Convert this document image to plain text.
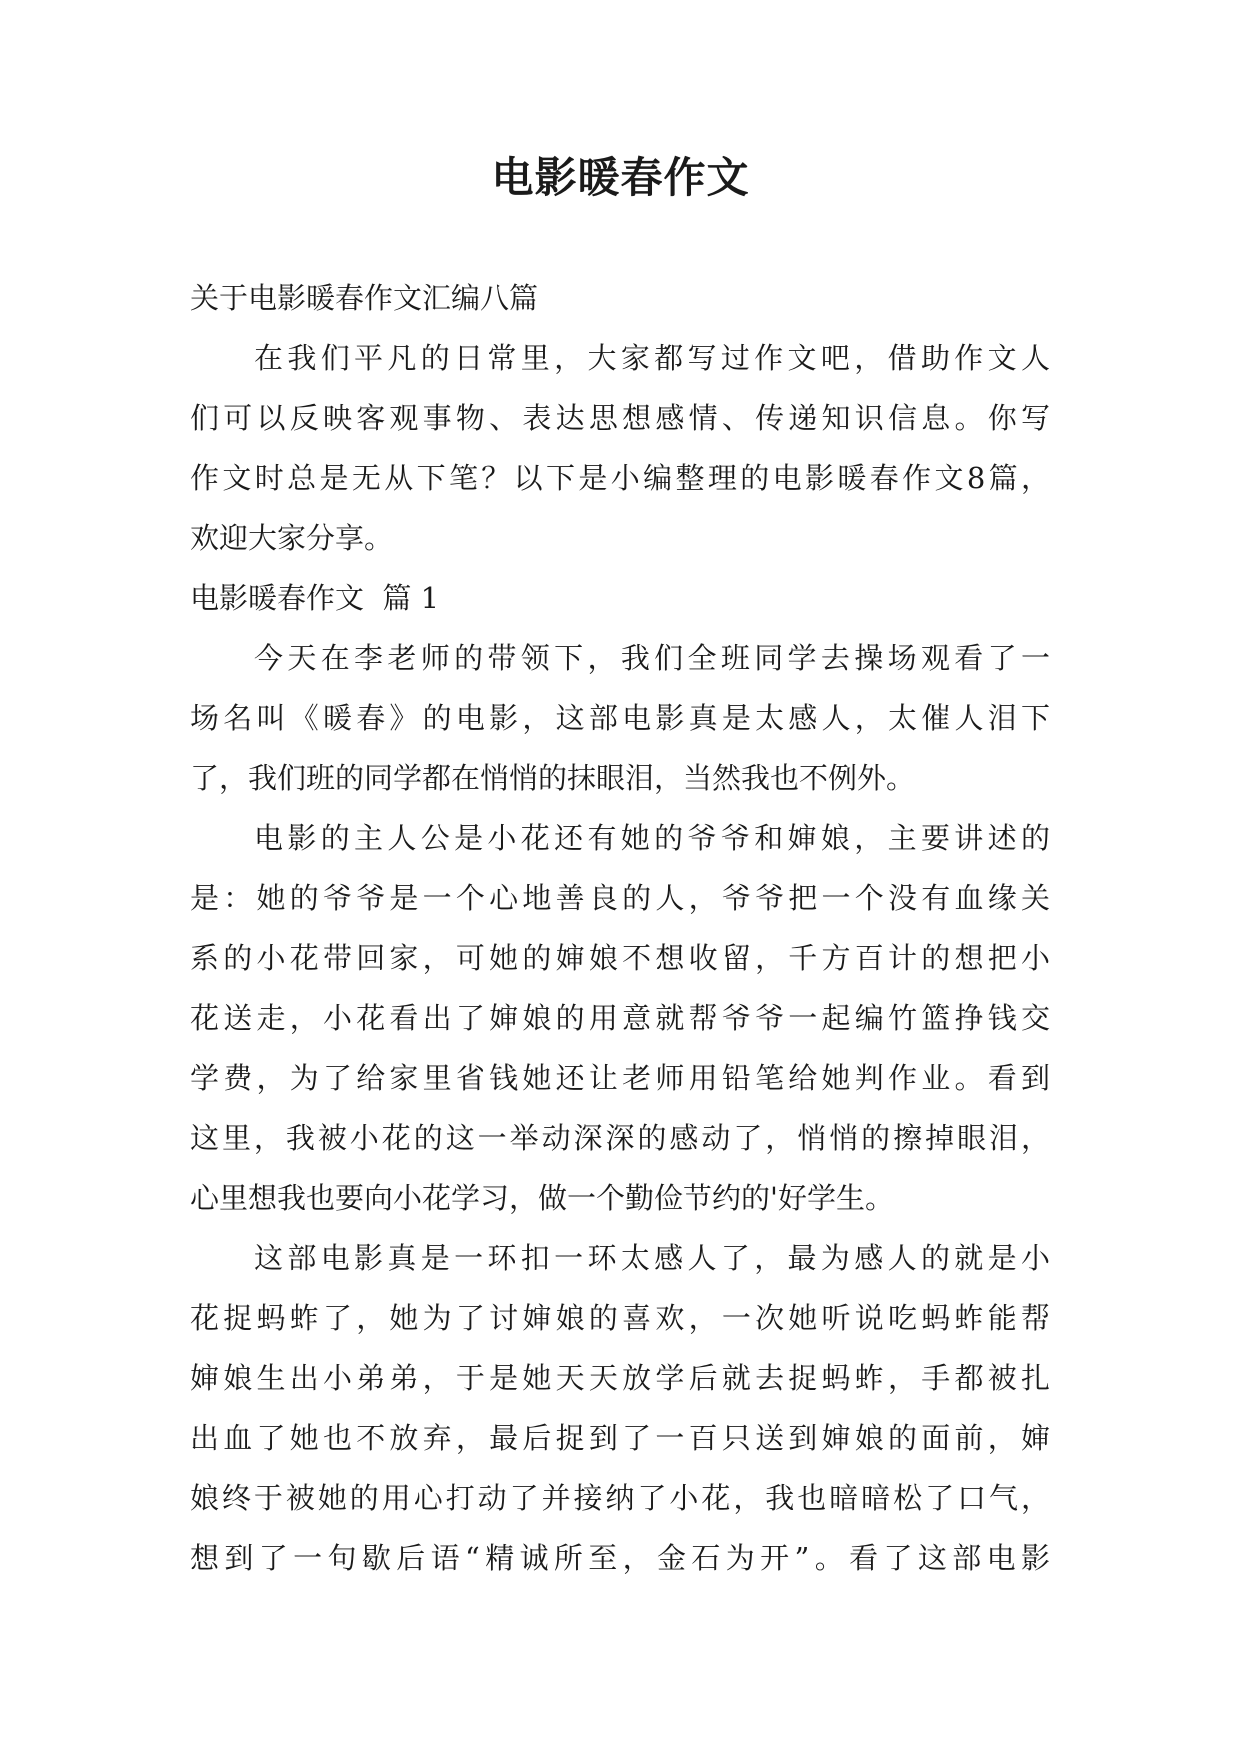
电影暖春作文
关于电影暖春作文汇编八篇
在我们平凡的日常里，大家都写过作文吧，借助作文人
们可以反映客观事物、表达思想感情、传递知识信息。你写
作文时总是无从下笔？以下是小编整理的电影暖春作文8篇，
欢迎大家分享。
电影暖春作文  篇 1
今天在李老师的带领下，我们全班同学去操场观看了一
场名叫《暖春》的电影，这部电影真是太感人，太催人泪下
了，我们班的同学都在悄悄的抹眼泪，当然我也不例外。
电影的主人公是小花还有她的爷爷和婶娘，主要讲述的
是：她的爷爷是一个心地善良的人，爷爷把一个没有血缘关
系的小花带回家，可她的婶娘不想收留，千方百计的想把小
花送走，小花看出了婶娘的用意就帮爷爷一起编竹篮挣钱交
学费，为了给家里省钱她还让老师用铅笔给她判作业。看到
这里，我被小花的这一举动深深的感动了，悄悄的擦掉眼泪，
心里想我也要向小花学习，做一个勤俭节约的'好学生。
这部电影真是一环扣一环太感人了，最为感人的就是小
花捉蚂蚱了，她为了讨婶娘的喜欢，一次她听说吃蚂蚱能帮
婶娘生出小弟弟，于是她天天放学后就去捉蚂蚱，手都被扎
出血了她也不放弃，最后捉到了一百只送到婶娘的面前，婶
娘终于被她的用心打动了并接纳了小花，我也暗暗松了口气，
想到了一句歇后语“精诚所至，金石为开”。看了这部电影
